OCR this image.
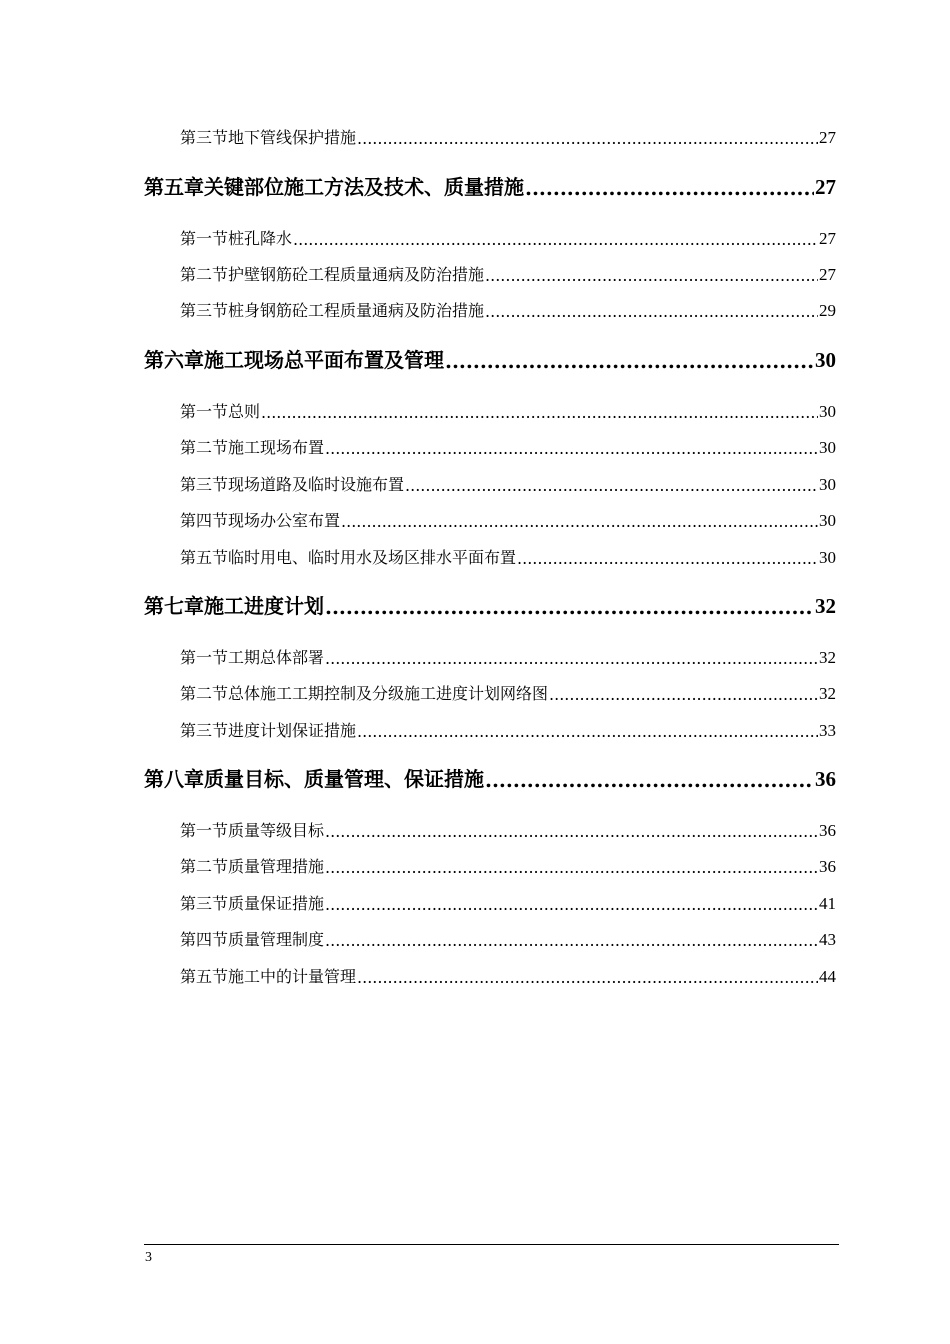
第三节 地下管线保护措施 .....	27
第五章 关键部位施工方法及技术、质量措施 .....	27
第一节 桩孔降水 .....	27
第二节 护壁钢筋砼工程质量通病及防治措施 .....	27
第三节 桩身钢筋砼工程质量通病及防治措施 .....	29
第六章 施工现场总平面布置及管理 .....	30
第一节 总则 .....	30
第二节 施工现场布置 .....	30
第三节 现场道路及临时设施布置 .....	30
第四节 现场办公室布置 .....	30
第五节 临时用电、临时用水及场区排水平面布置 .....	30
第七章 施工进度计划 .....	32
第一节 工期总体部署 .....	32
第二节 总体施工工期控制及分级施工进度计划网络图 .....	32
第三节 进度计划保证措施 .....	33
第八章 质量目标、质量管理、保证措施 .....	36
第一节 质量等级目标 .....	36
第二节 质量管理措施 .....	36
第三节 质量保证措施 .....	41
第四节 质量管理制度 .....	43
第五节 施工中的计量管理 .....	44
3
